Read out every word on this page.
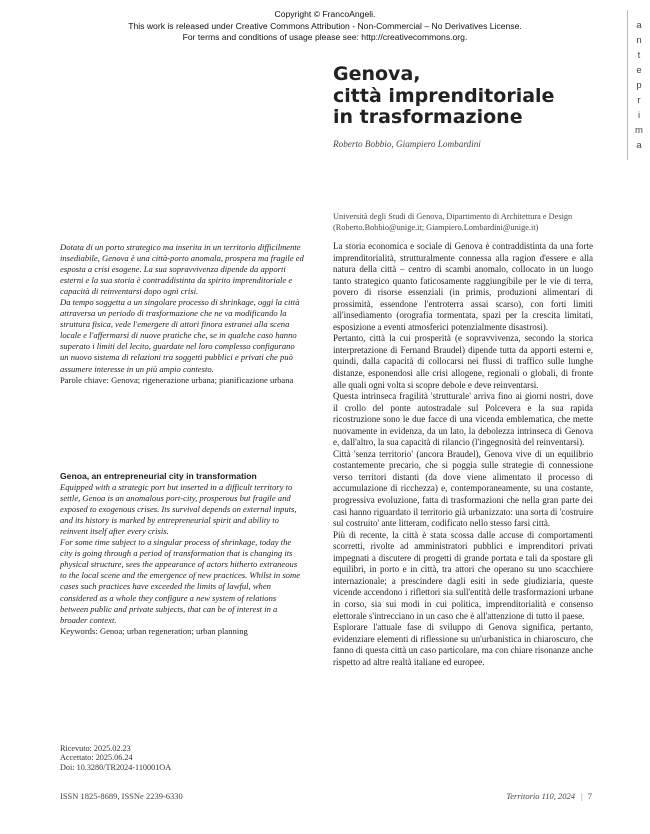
Copyright © FrancoAngeli.
This work is released under Creative Commons Attribution - Non-Commercial – No Derivatives License.
For terms and conditions of usage please see: http://creativecommons.org.
a
n
t
e
p
r
i
m
a
Genova,
città imprenditoriale
in trasformazione
Roberto Bobbio, Giampiero Lombardini
Università degli Studi di Genova, Dipartimento di Architettura e Design
(Roberto.Bobbio@unige.it; Giampiero.Lombardini@unige.it)
Dotata di un porto strategico ma inserita in un territorio difficilmente insediabile, Genova è una città-porto anomala, prospera ma fragile ed esposta a crisi esogene. La sua sopravvivenza dipende da apporti esterni e la sua storia è contraddistinta da spirito imprenditoriale e capacità di reinventarsi dopo ogni crisi.
Da tempo soggetta a un singolare processo di shrinkage, oggi la città attraversa un periodo di trasformazione che ne va modificando la struttura fisica, vede l'emergere di attori finora estranei alla scena locale e l'affermarsi di nuove pratiche che, se in qualche caso hanno superato i limiti del lecito, guardate nel loro complesso configurano un nuovo sistema di relazioni tra soggetti pubblici e privati che può assumere interesse in un più ampio contesto.
Parole chiave: Genova; rigenerazione urbana; pianificazione urbana
Genoa, an entrepreneurial city in transformation
Equipped with a strategic port but inserted in a difficult territory to settle, Genoa is an anomalous port-city, prosperous but fragile and exposed to exogenous crises. Its survival depends on external inputs, and its history is marked by entrepreneurial spirit and ability to reinvent itself after every crisis.
For some time subject to a singular process of shrinkage, today the city is going through a period of transformation that is changing its physical structure, sees the appearance of actors hitherto extraneous to the local scene and the emergence of new practices. Whilst in some cases such practices have exceeded the limits of lawful, when considered as a whole they configure a new system of relations between public and private subjects, that can be of interest in a broader context.
Keywords: Genoa; urban regeneration; urban planning
Ricevuto: 2025.02.23
Accettato: 2025.06.24
Doi: 10.3280/TR2024-110001OA

La storia economica e sociale di Genova è contraddistinta da una forte imprenditorialità, strutturalmente connessa alla ragion d'essere e alla natura della città – centro di scambi anomalo, collocato in un luogo tanto strategico quanto faticosamente raggiungibile per le vie di terra, povero di risorse essenziali (in primis, produzioni alimentari di prossimità, essendone l'entroterra assai scarso), con forti limiti all'insediamento (orografia tormentata, spazi per la crescita limitati, esposizione a eventi atmosferici potenzialmente disastrosi).

Pertanto, città la cui prosperità (e sopravvivenza, secondo la storica interpretazione di Fernand Braudel) dipende tutta da apporti esterni e, quindi, dalla capacità di collocarsi nei flussi di traffico sulle lunghe distanze, esponendosi alle crisi allogene, regionali o globali, di fronte alle quali ogni volta si scopre debole e deve reinventarsi.

Questa intrinseca fragilità 'strutturale' arriva fino ai giorni nostri, dove il crollo del ponte autostradale sul Polcevera e la sua rapida ricostruzione sono le due facce di una vicenda emblematica, che mette nuovamente in evidenza, da un lato, la debolezza intrinseca di Genova e, dall'altro, la sua capacità di rilancio (l'ingegnosità del reinventarsi).

Città 'senza territorio' (ancora Braudel), Genova vive di un equilibrio costantemente precario, che si poggia sulle strategie di connessione verso territori distanti (da dove viene alimentato il processo di accumulazione di ricchezza) e, contemporaneamente, su una costante, progressiva evoluzione, fatta di trasformazioni che nella gran parte dei casi hanno riguardato il territorio già urbanizzato: una sorta di 'costruire sul costruito' ante litteram, codificato nello stesso farsi città.

Più di recente, la città è stata scossa dalle accuse di comportamenti scorretti, rivolte ad amministratori pubblici e imprenditori privati impegnati a discutere di progetti di grande portata e tali da spostare gli equilibri, in porto e in città, tra attori che operano su uno scacchiere internazionale; a prescindere dagli esiti in sede giudiziaria, queste vicende accendono i riflettori sia sull'entità delle trasformazioni urbane in corso, sia sui modi in cui politica, imprenditorialità e consenso elettorale s'intrecciano in un caso che è all'attenzione di tutto il paese.

Esplorare l'attuale fase di sviluppo di Genova significa, pertanto, evidenziare elementi di riflessione su un'urbanistica in chiaroscuro, che fanno di questa città un caso particolare, ma con chiare risonanze anche rispetto ad altre realtà italiane ed europee.

ISSN 1825-8689, ISSNe 2239-6330	Territorio 110, 2024 | 7
